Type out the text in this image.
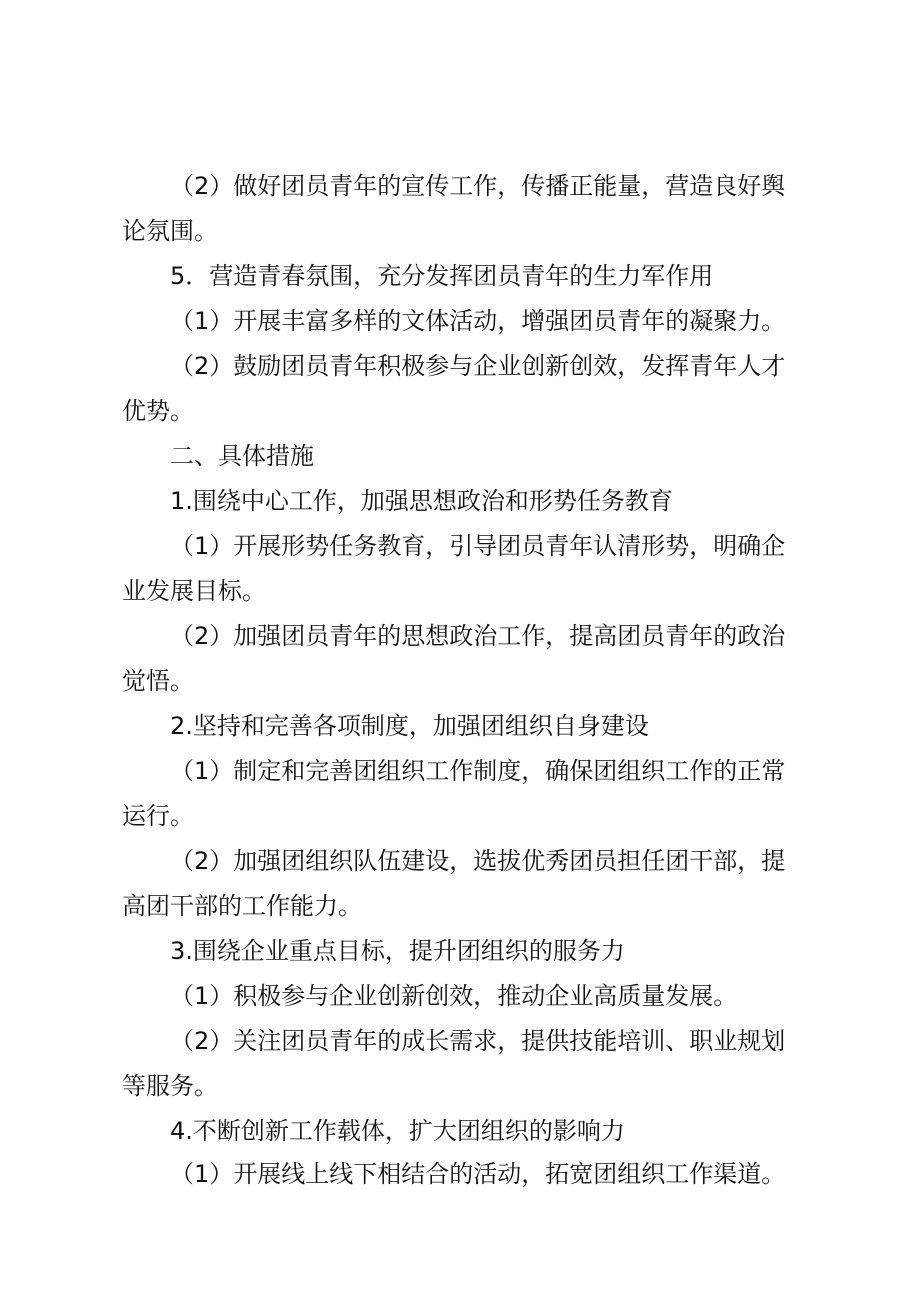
（2）做好团员青年的宣传工作，传播正能量，营造良好舆论氛围。

5．营造青春氛围，充分发挥团员青年的生力军作用

（1）开展丰富多样的文体活动，增强团员青年的凝聚力。

（2）鼓励团员青年积极参与企业创新创效，发挥青年人才优势。

二、具体措施

1.围绕中心工作，加强思想政治和形势任务教育

（1）开展形势任务教育，引导团员青年认清形势，明确企业发展目标。

（2）加强团员青年的思想政治工作，提高团员青年的政治觉悟。

2.坚持和完善各项制度，加强团组织自身建设

（1）制定和完善团组织工作制度，确保团组织工作的正常运行。

（2）加强团组织队伍建设，选拔优秀团员担任团干部，提高团干部的工作能力。

3.围绕企业重点目标，提升团组织的服务力

（1）积极参与企业创新创效，推动企业高质量发展。

（2）关注团员青年的成长需求，提供技能培训、职业规划等服务。

4.不断创新工作载体，扩大团组织的影响力

（1）开展线上线下相结合的活动，拓宽团组织工作渠道。
